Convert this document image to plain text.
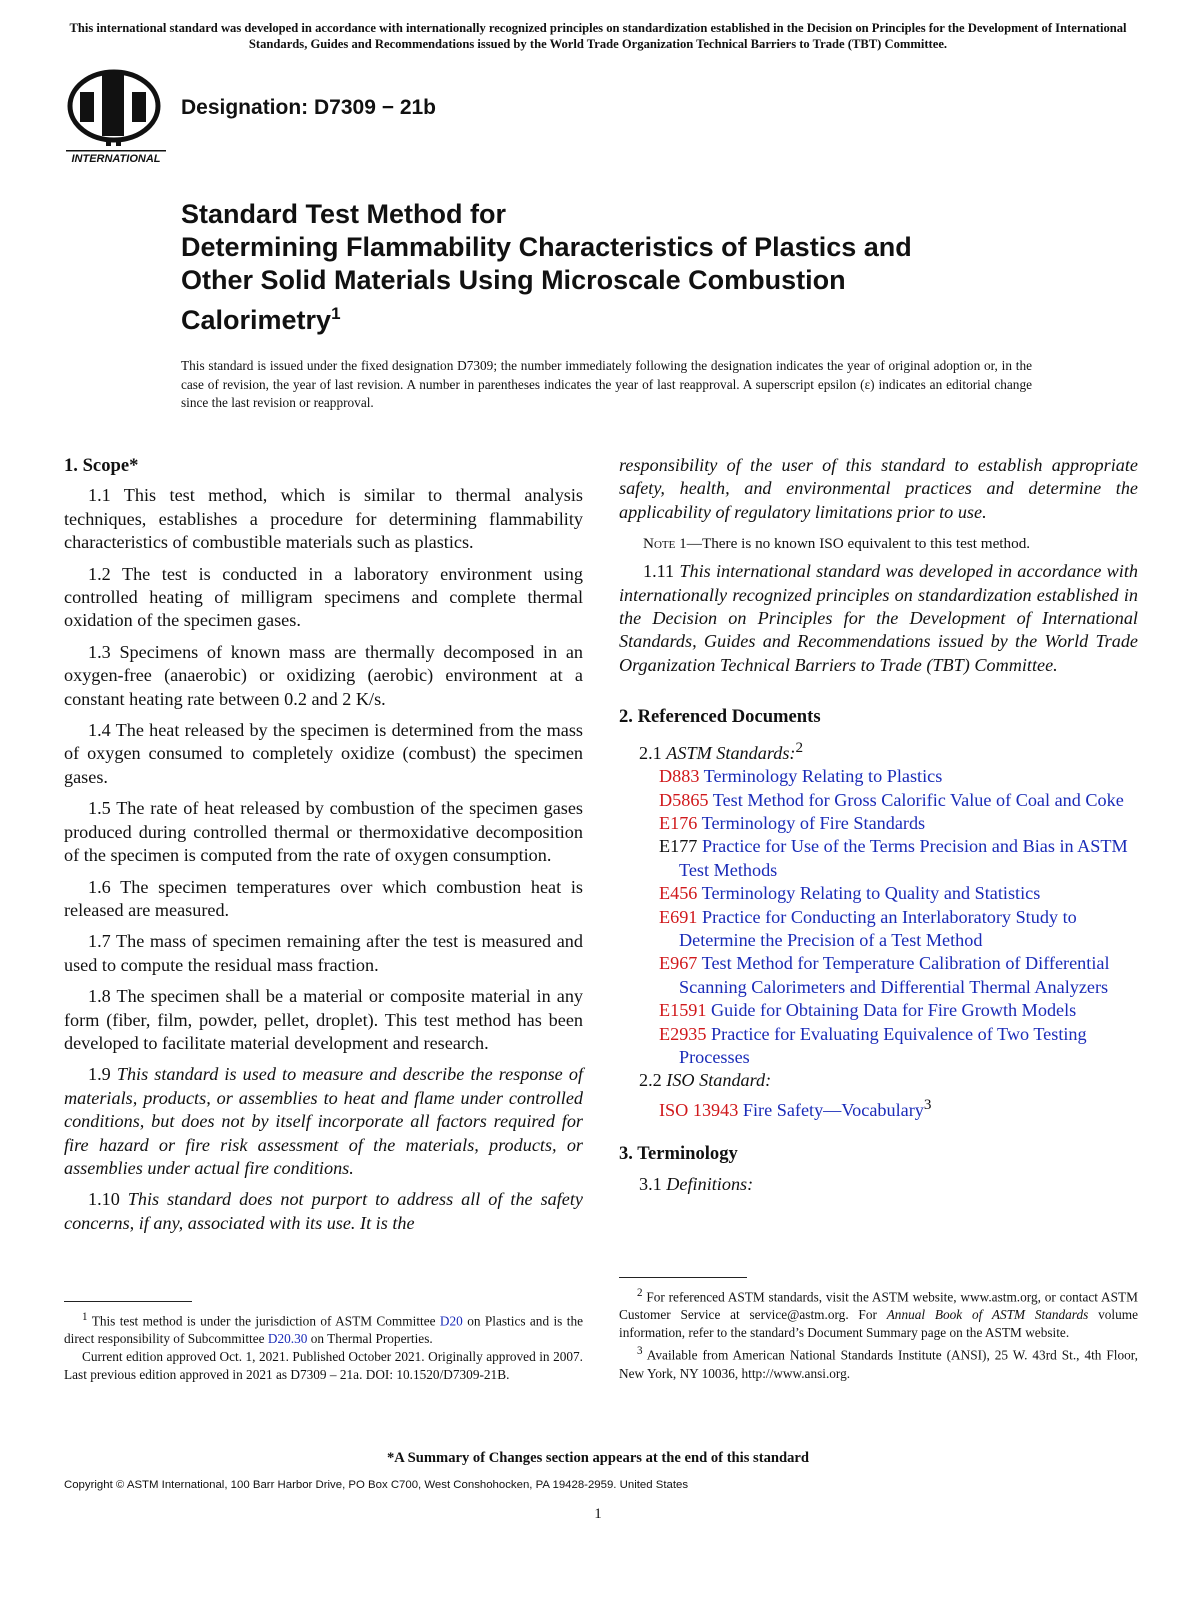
This international standard was developed in accordance with internationally recognized principles on standardization established in the Decision on Principles for the Development of International Standards, Guides and Recommendations issued by the World Trade Organization Technical Barriers to Trade (TBT) Committee.
INTERNATIONAL
Designation: D7309 − 21b
Standard Test Method for
Determining Flammability Characteristics of Plastics and
Other Solid Materials Using Microscale Combustion
Calorimetry$^1$
This standard is issued under the fixed designation D7309; the number immediately following the designation indicates the year of original adoption or, in the case of revision, the year of last revision. A number in parentheses indicates the year of last reapproval. A superscript epsilon (ε) indicates an editorial change since the last revision or reapproval.
1. Scope*

1.1 This test method, which is similar to thermal analysis techniques, establishes a procedure for determining flammability characteristics of combustible materials such as plastics.

1.2 The test is conducted in a laboratory environment using controlled heating of milligram specimens and complete thermal oxidation of the specimen gases.

1.3 Specimens of known mass are thermally decomposed in an oxygen-free (anaerobic) or oxidizing (aerobic) environment at a constant heating rate between 0.2 and 2 K/s.

1.4 The heat released by the specimen is determined from the mass of oxygen consumed to completely oxidize (combust) the specimen gases.

1.5 The rate of heat released by combustion of the specimen gases produced during controlled thermal or thermoxidative decomposition of the specimen is computed from the rate of oxygen consumption.

1.6 The specimen temperatures over which combustion heat is released are measured.

1.7 The mass of specimen remaining after the test is measured and used to compute the residual mass fraction.

1.8 The specimen shall be a material or composite material in any form (fiber, film, powder, pellet, droplet). This test method has been developed to facilitate material development and research.

1.9 This standard is used to measure and describe the response of materials, products, or assemblies to heat and flame under controlled conditions, but does not by itself incorporate all factors required for fire hazard or fire risk assessment of the materials, products, or assemblies under actual fire conditions.

1.10 This standard does not purport to address all of the safety concerns, if any, associated with its use. It is the

$^1$ This test method is under the jurisdiction of ASTM Committee D20 on Plastics and is the direct responsibility of Subcommittee D20.30 on Thermal Properties.

Current edition approved Oct. 1, 2021. Published October 2021. Originally approved in 2007. Last previous edition approved in 2021 as D7309 – 21a. DOI: 10.1520/D7309-21B.

responsibility of the user of this standard to establish appropriate safety, health, and environmental practices and determine the applicability of regulatory limitations prior to use.

Note 1—There is no known ISO equivalent to this test method.

1.11 This international standard was developed in accordance with internationally recognized principles on standardization established in the Decision on Principles for the Development of International Standards, Guides and Recommendations issued by the World Trade Organization Technical Barriers to Trade (TBT) Committee.

2. Referenced Documents
2.1 ASTM Standards:$^2$
D883 Terminology Relating to Plastics
D5865 Test Method for Gross Calorific Value of Coal and Coke
E176 Terminology of Fire Standards
E177 Practice for Use of the Terms Precision and Bias in ASTM Test Methods
E456 Terminology Relating to Quality and Statistics
E691 Practice for Conducting an Interlaboratory Study to Determine the Precision of a Test Method
E967 Test Method for Temperature Calibration of Differential Scanning Calorimeters and Differential Thermal Analyzers
E1591 Guide for Obtaining Data for Fire Growth Models
E2935 Practice for Evaluating Equivalence of Two Testing Processes
2.2 ISO Standard:
ISO 13943 Fire Safety—Vocabulary$^3$
3. Terminology
3.1 Definitions:

$^2$ For referenced ASTM standards, visit the ASTM website, www.astm.org, or contact ASTM Customer Service at service@astm.org. For Annual Book of ASTM Standards volume information, refer to the standard’s Document Summary page on the ASTM website.

$^3$ Available from American National Standards Institute (ANSI), 25 W. 43rd St., 4th Floor, New York, NY 10036, http://www.ansi.org.

*A Summary of Changes section appears at the end of this standard
Copyright © ASTM International, 100 Barr Harbor Drive, PO Box C700, West Conshohocken, PA 19428-2959. United States
1
